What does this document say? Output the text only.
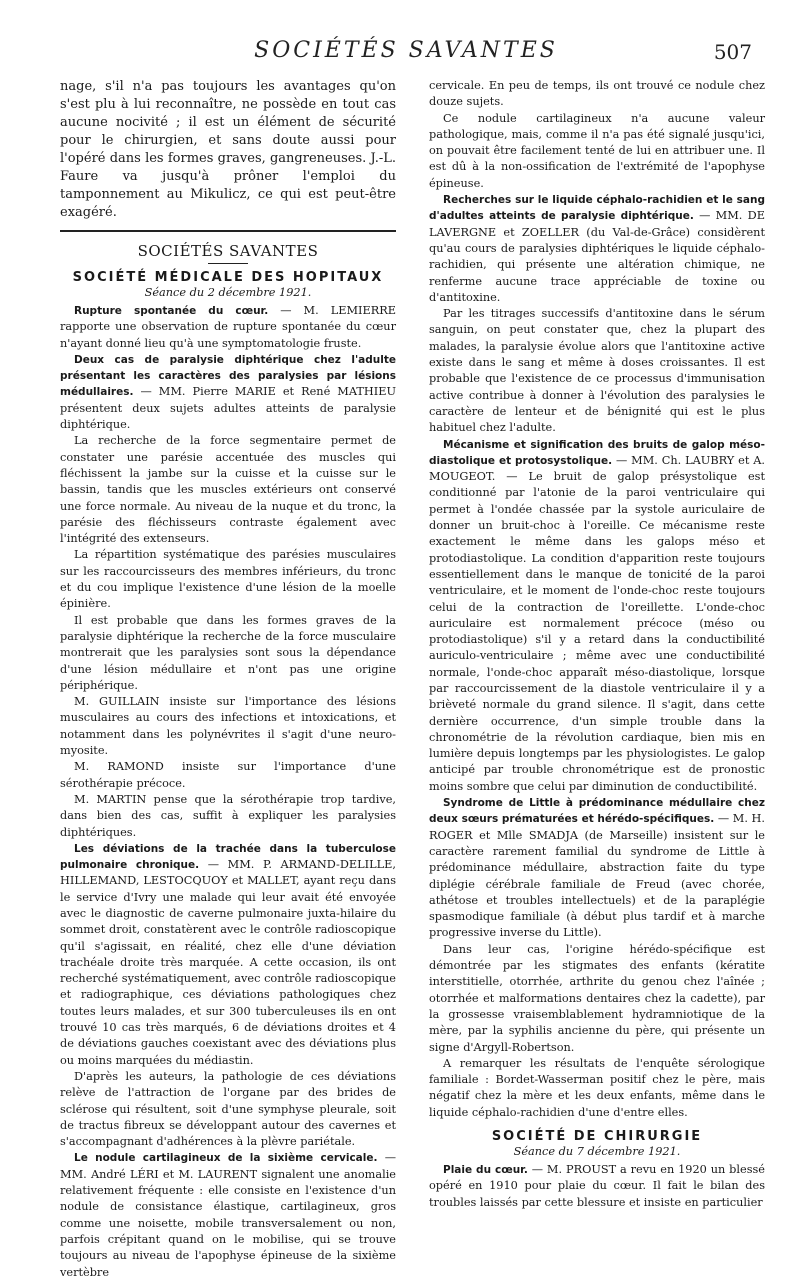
SOCIÉTÉS SAVANTES	507

nage, s'il n'a pas toujours les avantages qu'on s'est plu à lui reconnaître, ne possède en tout cas aucune nocivité ; il est un élément de sécurité pour le chirurgien, et sans doute aussi pour l'opéré dans les formes graves, gangreneuses. J.-L. Faure va jusqu'à prôner l'emploi du tamponnement au Mikulicz, ce qui est peut-être exagéré.

SOCIÉTÉS SAVANTES
SOCIÉTÉ MÉDICALE DES HOPITAUX
Séance du 2 décembre 1921.

Rupture spontanée du cœur. — M. LEMIERRE rapporte une observation de rupture spontanée du cœur n'ayant donné lieu qu'à une symptomatologie fruste.

Deux cas de paralysie diphtérique chez l'adulte présentant les caractères des paralysies par lésions médullaires. — MM. Pierre MARIE et René MATHIEU présentent deux sujets adultes atteints de paralysie diphtérique.

La recherche de la force segmentaire permet de constater une parésie accentuée des muscles qui fléchissent la jambe sur la cuisse et la cuisse sur le bassin, tandis que les muscles extérieurs ont conservé une force normale. Au niveau de la nuque et du tronc, la parésie des fléchisseurs contraste également avec l'intégrité des extenseurs.

La répartition systématique des parésies musculaires sur les raccourcisseurs des membres inférieurs, du tronc et du cou implique l'existence d'une lésion de la moelle épinière.

Il est probable que dans les formes graves de la paralysie diphtérique la recherche de la force musculaire montrerait que les paralysies sont sous la dépendance d'une lésion médullaire et n'ont pas une origine périphérique.

M. GUILLAIN insiste sur l'importance des lésions musculaires au cours des infections et intoxications, et notamment dans les polynévrites il s'agit d'une neuro-myosite.

M. RAMOND insiste sur l'importance d'une sérothérapie précoce.

M. MARTIN pense que la sérothérapie trop tardive, dans bien des cas, suffit à expliquer les paralysies diphtériques.

Les déviations de la trachée dans la tuberculose pulmonaire chronique. — MM. P. ARMAND-DELILLE, HILLEMAND, LESTOCQUOY et MALLET, ayant reçu dans le service d'Ivry une malade qui leur avait été envoyée avec le diagnostic de caverne pulmonaire juxta-hilaire du sommet droit, constatèrent avec le contrôle radioscopique qu'il s'agissait, en réalité, chez elle d'une déviation trachéale droite très marquée. A cette occasion, ils ont recherché systématiquement, avec contrôle radioscopique et radiographique, ces déviations pathologiques chez toutes leurs malades, et sur 300 tuberculeuses ils en ont trouvé 10 cas très marqués, 6 de déviations droites et 4 de déviations gauches coexistant avec des déviations plus ou moins marquées du médiastin.

D'après les auteurs, la pathologie de ces déviations relève de l'attraction de l'organe par des brides de sclérose qui résultent, soit d'une symphyse pleurale, soit de tractus fibreux se développant autour des cavernes et s'accompagnant d'adhérences à la plèvre pariétale.

Le nodule cartilagineux de la sixième cervicale. — MM. André LÉRI et M. LAURENT signalent une anomalie relativement fréquente : elle consiste en l'existence d'un nodule de consistance élastique, cartilagineux, gros comme une noisette, mobile transversalement ou non, parfois crépitant quand on le mobilise, qui se trouve toujours au niveau de l'apophyse épineuse de la sixième vertèbre

cervicale. En peu de temps, ils ont trouvé ce nodule chez douze sujets.

Ce nodule cartilagineux n'a aucune valeur pathologique, mais, comme il n'a pas été signalé jusqu'ici, on pouvait être facilement tenté de lui en attribuer une. Il est dû à la non-ossification de l'extrémité de l'apophyse épineuse.

Recherches sur le liquide céphalo-rachidien et le sang d'adultes atteints de paralysie diphtérique. — MM. DE LAVERGNE et ZOELLER (du Val-de-Grâce) considèrent qu'au cours de paralysies diphtériques le liquide céphalo-rachidien, qui présente une altération chimique, ne renferme aucune trace appréciable de toxine ou d'antitoxine.

Par les titrages successifs d'antitoxine dans le sérum sanguin, on peut constater que, chez la plupart des malades, la paralysie évolue alors que l'antitoxine active existe dans le sang et même à doses croissantes. Il est probable que l'existence de ce processus d'immunisation active contribue à donner à l'évolution des paralysies le caractère de lenteur et de bénignité qui est le plus habituel chez l'adulte.

Mécanisme et signification des bruits de galop méso-diastolique et protosystolique. — MM. Ch. LAUBRY et A. MOUGEOT. — Le bruit de galop présystolique est conditionné par l'atonie de la paroi ventriculaire qui permet à l'ondée chassée par la systole auriculaire de donner un bruit-choc à l'oreille. Ce mécanisme reste exactement le même dans les galops méso et protodiastolique. La condition d'apparition reste toujours essentiellement dans le manque de tonicité de la paroi ventriculaire, et le moment de l'onde-choc reste toujours celui de la contraction de l'oreillette. L'onde-choc auriculaire est normalement précoce (méso ou protodiastolique) s'il y a retard dans la conductibilité auriculo-ventriculaire ; même avec une conductibilité normale, l'onde-choc apparaît méso-diastolique, lorsque par raccourcissement de la diastole ventriculaire il y a brièveté normale du grand silence. Il s'agit, dans cette dernière occurrence, d'un simple trouble dans la chronométrie de la révolution cardiaque, bien mis en lumière depuis longtemps par les physiologistes. Le galop anticipé par trouble chronométrique est de pronostic moins sombre que celui par diminution de conductibilité.

Syndrome de Little à prédominance médullaire chez deux sœurs prématurées et hérédo-spécifiques. — M. H. ROGER et Mlle SMADJA (de Marseille) insistent sur le caractère rarement familial du syndrome de Little à prédominance médullaire, abstraction faite du type diplégie cérébrale familiale de Freud (avec chorée, athétose et troubles intellectuels) et de la paraplégie spasmodique familiale (à début plus tardif et à marche progressive inverse du Little).

Dans leur cas, l'origine hérédo-spécifique est démontrée par les stigmates des enfants (kératite interstitielle, otorrhée, arthrite du genou chez l'aînée ; otorrhée et malformations dentaires chez la cadette), par la grossesse vraisemblablement hydramniotique de la mère, par la syphilis ancienne du père, qui présente un signe d'Argyll-Robertson.

A remarquer les résultats de l'enquête sérologique familiale : Bordet-Wasserman positif chez le père, mais négatif chez la mère et les deux enfants, même dans le liquide céphalo-rachidien d'une d'entre elles.

SOCIÉTÉ DE CHIRURGIE
Séance du 7 décembre 1921.

Plaie du cœur. — M. PROUST a revu en 1920 un blessé opéré en 1910 pour plaie du cœur. Il fait le bilan des troubles laissés par cette blessure et insiste en particulier
